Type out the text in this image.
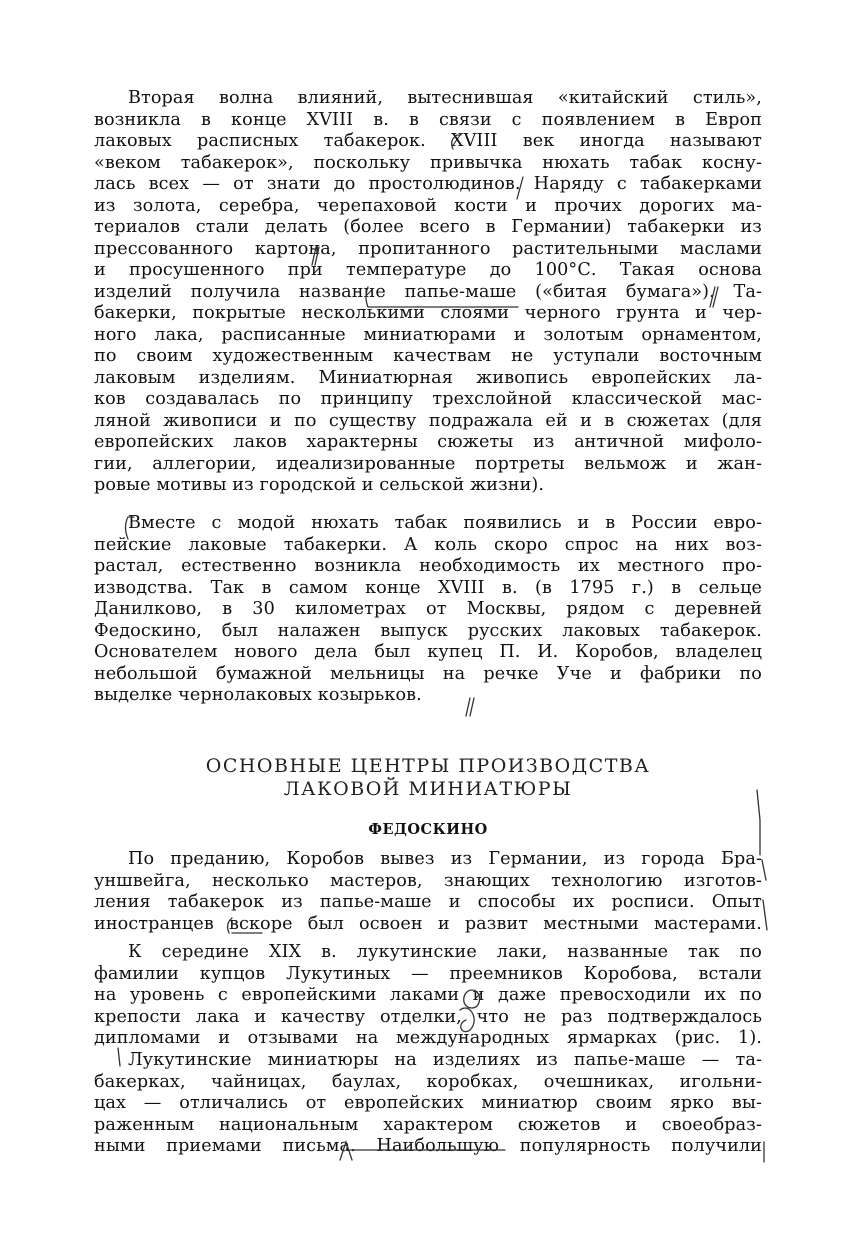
Вторая волна влияний, вытеснившая «китайский стиль»,
возникла в конце XVIII в. в связи с появлением в Европ
лаковых расписных табакерок. XVIII век иногда называют
«веком табакерок», поскольку привычка нюхать табак косну-
лась всех — от знати до простолюдинов. Наряду с табакерками
из золота, серебра, черепаховой кости и прочих дорогих ма-
териалов стали делать (более всего в Германии) табакерки из
прессованного картона, пропитанного растительными маслами
и просушенного при температуре до 100°С. Такая основа
изделий получила название папье-маше («битая бумага»). Та-
бакерки, покрытые несколькими слоями черного грунта и чер-
ного лака, расписанные миниатюрами и золотым орнаментом,
по своим художественным качествам не уступали восточным
лаковым изделиям. Миниатюрная живопись европейских ла-
ков создавалась по принципу трехслойной классической мас-
ляной живописи и по существу подражала ей и в сюжетах (для
европейских лаков характерны сюжеты из античной мифоло-
гии, аллегории, идеализированные портреты вельмож и жан-
ровые мотивы из городской и сельской жизни).
Вместе с модой нюхать табак появились и в России евро-
пейские лаковые табакерки. А коль скоро спрос на них воз-
растал, естественно возникла необходимость их местного про-
изводства. Так в самом конце XVIII в. (в 1795 г.) в сельце
Данилково, в 30 километрах от Москвы, рядом с деревней
Федоскино, был налажен выпуск русских лаковых табакерок.
Основателем нового дела был купец П. И. Коробов, владелец
небольшой бумажной мельницы на речке Уче и фабрики по
выделке чернолаковых козырьков.
ОСНОВНЫЕ ЦЕНТРЫ ПРОИЗВОДСТВА
ЛАКОВОЙ МИНИАТЮРЫ
ФЕДОСКИНО
По преданию, Коробов вывез из Германии, из города Бра-
уншвейга, несколько мастеров, знающих технологию изготов-
ления табакерок из папье-маше и способы их росписи. Опыт
иностранцев вскоре был освоен и развит местными мастерами.
К середине XIX в. лукутинские лаки, названные так по
фамилии купцов Лукутиных — преемников Коробова, встали
на уровень с европейскими лаками и даже превосходили их по
крепости лака и качеству отделки, что не раз подтверждалось
дипломами и отзывами на международных ярмарках (рис. 1).
Лукутинские миниатюры на изделиях из папье-маше — та-
бакерках, чайницах, баулах, коробках, очешниках, игольни-
цах — отличались от европейских миниатюр своим ярко вы-
раженным национальным характером сюжетов и своеобраз-
ными приемами письма. Наибольшую популярность получили
